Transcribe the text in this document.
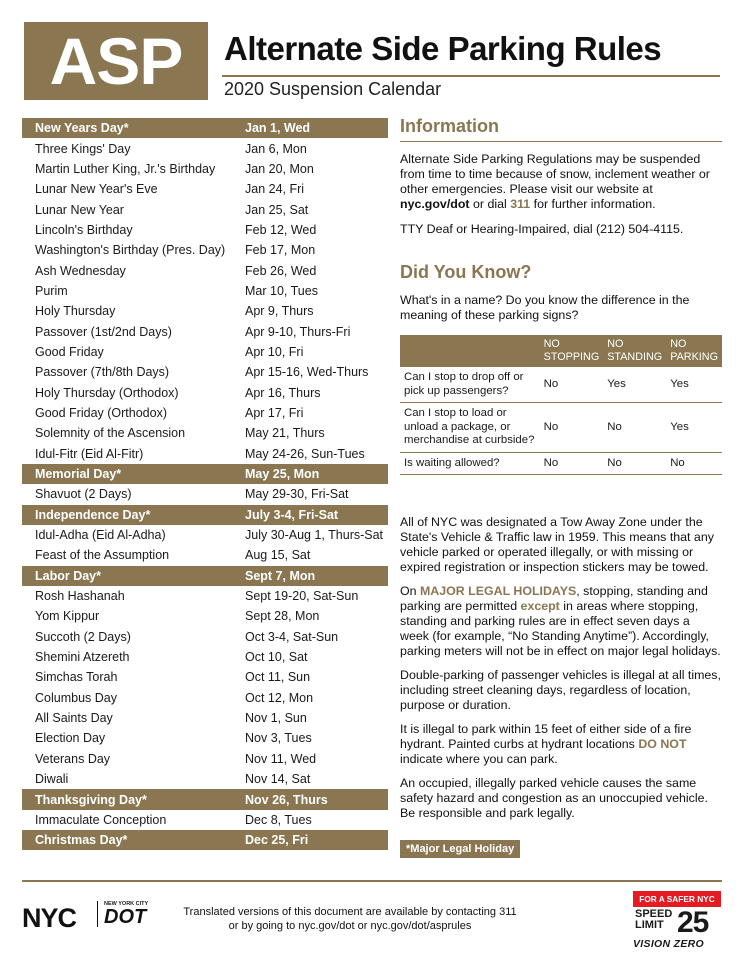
ASP	Alternate Side Parking Rules
2020 Suspension Calendar
New Years Day*	Jan 1, Wed
Three Kings' Day	Jan 6, Mon
Martin Luther King, Jr.'s Birthday	Jan 20, Mon
Lunar New Year's Eve	Jan 24, Fri
Lunar New Year	Jan 25, Sat
Lincoln's Birthday	Feb 12, Wed
Washington's Birthday (Pres. Day)	Feb 17, Mon
Ash Wednesday	Feb 26, Wed
Purim	Mar 10, Tues
Holy Thursday	Apr 9, Thurs
Passover (1st/2nd Days)	Apr 9-10, Thurs-Fri
Good Friday	Apr 10, Fri
Passover (7th/8th Days)	Apr 15-16, Wed-Thurs
Holy Thursday (Orthodox)	Apr 16, Thurs
Good Friday (Orthodox)	Apr 17, Fri
Solemnity of the Ascension	May 21, Thurs
Idul-Fitr (Eid Al-Fitr)	May 24-26, Sun-Tues
Memorial Day*	May 25, Mon
Shavuot (2 Days)	May 29-30, Fri-Sat
Independence Day*	July 3-4, Fri-Sat
Idul-Adha (Eid Al-Adha)	July 30-Aug 1, Thurs-Sat
Feast of the Assumption	Aug 15, Sat
Labor Day*	Sept 7, Mon
Rosh Hashanah	Sept 19-20, Sat-Sun
Yom Kippur	Sept 28, Mon
Succoth (2 Days)	Oct 3-4, Sat-Sun
Shemini Atzereth	Oct 10, Sat
Simchas Torah	Oct 11, Sun
Columbus Day	Oct 12, Mon
All Saints Day	Nov 1, Sun
Election Day	Nov 3, Tues
Veterans Day	Nov 11, Wed
Diwali	Nov 14, Sat
Thanksgiving Day*	Nov 26, Thurs
Immaculate Conception	Dec 8, Tues
Christmas Day*	Dec 25, Fri
Information

Alternate Side Parking Regulations may be suspended from time to time because of snow, inclement weather or other emergencies. Please visit our website at nyc.gov/dot or dial 311 for further information.

TTY Deaf or Hearing-Impaired, dial (212) 504-4115.

Did You Know?

What's in a name? Do you know the difference in the meaning of these parking signs?

	NO STOPPING	NO STANDING	NO PARKING
Can I stop to drop off or pick up passengers?	No	Yes	Yes
Can I stop to load or unload a package, or merchandise at curbside?	No	No	Yes
Is waiting allowed?	No	No	No

All of NYC was designated a Tow Away Zone under the State's Vehicle & Traffic law in 1959. This means that any vehicle parked or operated illegally, or with missing or expired registration or inspection stickers may be towed.

On MAJOR LEGAL HOLIDAYS, stopping, standing and parking are permitted except in areas where stopping, standing and parking rules are in effect seven days a week (for example, “No Standing Anytime”). Accordingly, parking meters will not be in effect on major legal holidays.

Double-parking of passenger vehicles is illegal at all times, including street cleaning days, regardless of location, purpose or duration.

It is illegal to park within 15 feet of either side of a fire hydrant. Painted curbs at hydrant locations DO NOT indicate where you can park.

An occupied, illegally parked vehicle causes the same safety hazard and congestion as an unoccupied vehicle. Be responsible and park legally.

*Major Legal Holiday
NYC	NEW YORK CITY
DOT	Translated versions of this document are available by contacting 311
or by going to nyc.gov/dot or nyc.gov/dot/asprules
FOR A SAFER NYC
SPEED
LIMIT 25
VISION ZERO
